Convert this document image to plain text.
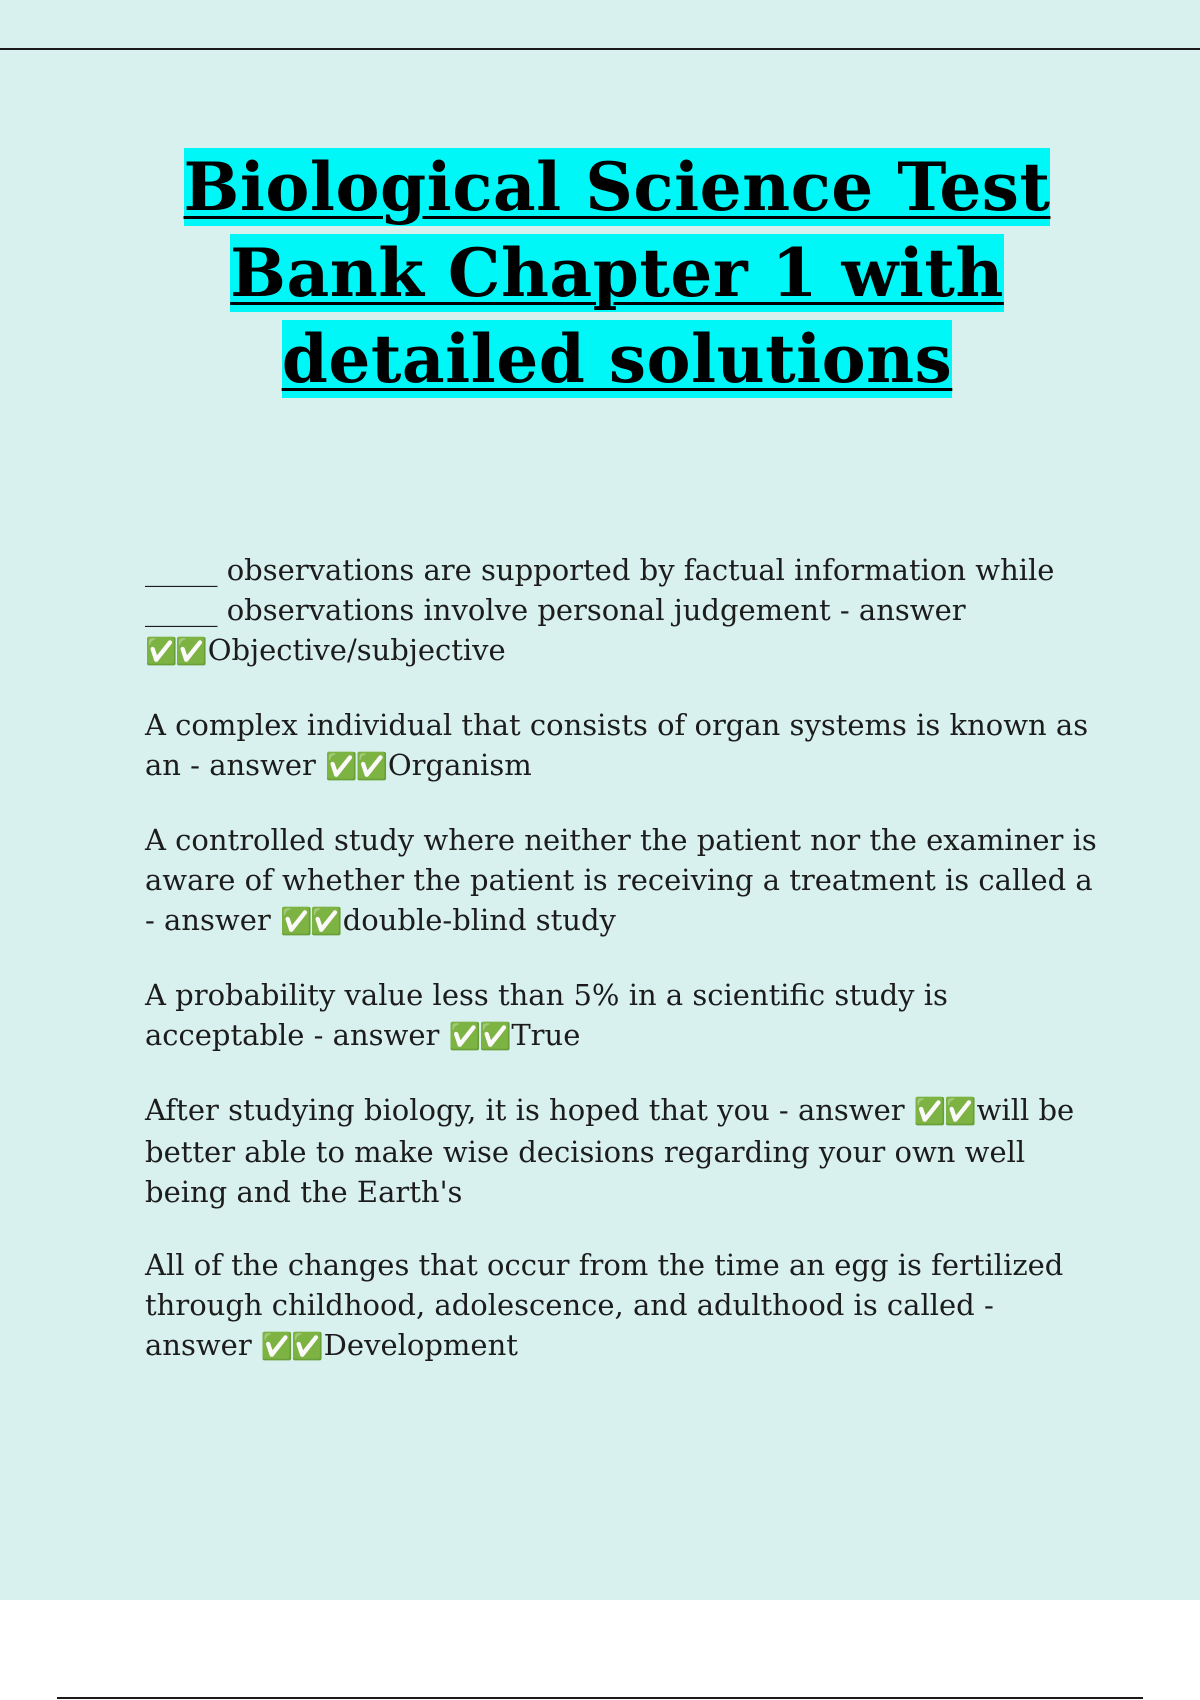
Biological Science Test Bank Chapter 1 with detailed solutions

_____ observations are supported by factual information while _____ observations involve personal judgement - answer ✅✅Objective/subjective

A complex individual that consists of organ systems is known as an - answer ✅✅Organism

A controlled study where neither the patient nor the examiner is aware of whether the patient is receiving a treatment is called a - answer ✅✅double-blind study

A probability value less than 5% in a scientific study is acceptable - answer ✅✅True

After studying biology, it is hoped that you - answer ✅✅will be better able to make wise decisions regarding your own well being and the Earth's

All of the changes that occur from the time an egg is fertilized through childhood, adolescence, and adulthood is called - answer ✅✅Development
